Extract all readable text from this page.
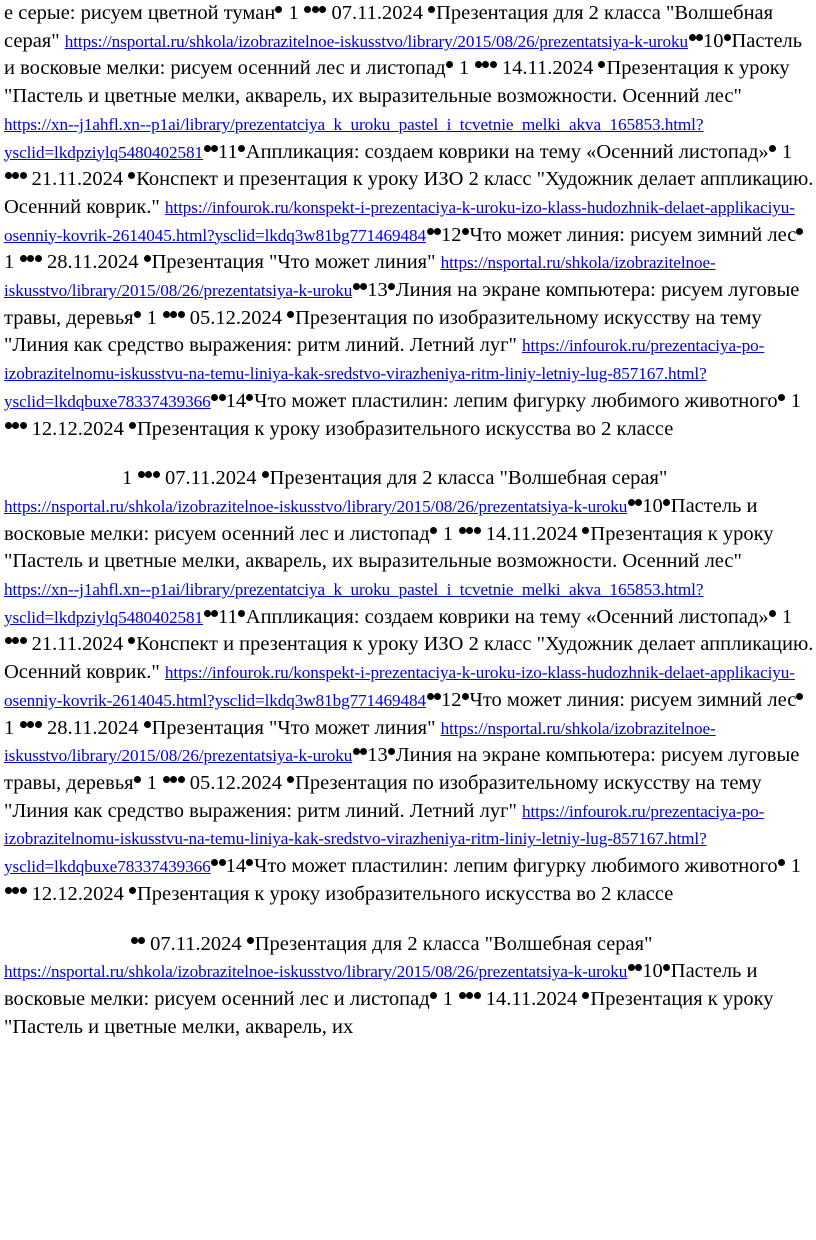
е серые: рисуем цветной туман 1  07.11.2024 Презентация для 2 класса "Волшебная серая" https://nsportal.ru/shkola/izobrazitelnoe-iskusstvo/library/2015/08/26/prezentatsiya-k-uroku 10 Пастель и восковые мелки: рисуем осенний лес и листопад 1  14.11.2024 Презентация к уроку "Пастель и цветные мелки, акварель, их выразительные возможности. Осенний лес" https://xn--j1ahfl.xn--p1ai/library/prezentatciya_k_uroku_pastel_i_tcvetnie_melki_akva_165853.html?ysclid=lkdpziylq5480402581 11 Аппликация: создаем коврики на тему «Осенний листопад» 1  21.11.2024 Конспект и презентация к уроку ИЗО 2 класс "Художник делает аппликацию. Осенний коврик." https://infourok.ru/konspekt-i-prezentaciya-k-uroku-izo-klass-hudozhnik-delaet-applikaciyu-osenniy-kovrik-2614045.html?ysclid=lkdq3w81bg771469484 12 Что может линия: рисуем зимний лес 1  28.11.2024 Презентация "Что может линия" https://nsportal.ru/shkola/izobrazitelnoe-iskusstvo/library/2015/08/26/prezentatsiya-k-uroku 13 Линия на экране компьютера: рисуем луговые травы, деревья 1  05.12.2024 Презентация по изобразительному искусству на тему "Линия как средство выражения: ритм линий. Летний луг" https://infourok.ru/prezentaciya-po-izobrazitelnomu-iskusstvu-na-temu-liniya-kak-sredstvo-virazheniya-ritm-liniy-letniy-lug-857167.html?ysclid=lkdqbuxe78337439366 14 Что может пластилин: лепим фигурку любимого животного 1  12.12.2024 Презентация к уроку изобразительного искусства во 2 классе

1  07.11.2024 Презентация для 2 класса "Волшебная серая" https://nsportal.ru/shkola/izobrazitelnoe-iskusstvo/library/2015/08/26/prezentatsiya-k-uroku 10 Пастель и восковые мелки: рисуем осенний лес и листопад 1  14.11.2024 Презентация к уроку "Пастель и цветные мелки, акварель, их выразительные возможности. Осенний лес" https://xn--j1ahfl.xn--p1ai/library/prezentatciya_k_uroku_pastel_i_tcvetnie_melki_akva_165853.html?ysclid=lkdpziylq5480402581 11 Аппликация: создаем коврики на тему «Осенний листопад» 1  21.11.2024 Конспект и презентация к уроку ИЗО 2 класс "Художник делает аппликацию. Осенний коврик." https://infourok.ru/konspekt-i-prezentaciya-k-uroku-izo-klass-hudozhnik-delaet-applikaciyu-osenniy-kovrik-2614045.html?ysclid=lkdq3w81bg771469484 12 Что может линия: рисуем зимний лес 1  28.11.2024 Презентация "Что может линия" https://nsportal.ru/shkola/izobrazitelnoe-iskusstvo/library/2015/08/26/prezentatsiya-k-uroku 13 Линия на экране компьютера: рисуем луговые травы, деревья 1  05.12.2024 Презентация по изобразительному искусству на тему "Линия как средство выражения: ритм линий. Летний луг" https://infourok.ru/prezentaciya-po-izobrazitelnomu-iskusstvu-na-temu-liniya-kak-sredstvo-virazheniya-ritm-liniy-letniy-lug-857167.html?ysclid=lkdqbuxe78337439366 14 Что может пластилин: лепим фигурку любимого животного 1  12.12.2024 Презентация к уроку изобразительного искусства во 2 классе

07.11.2024 Презентация для 2 класса "Волшебная серая" https://nsportal.ru/shkola/izobrazitelnoe-iskusstvo/library/2015/08/26/prezentatsiya-k-uroku 10 Пастель и восковые мелки: рисуем осенний лес и листопад 1  14.11.2024 Презентация к уроку "Пастель и цветные мелки, акварель, их
